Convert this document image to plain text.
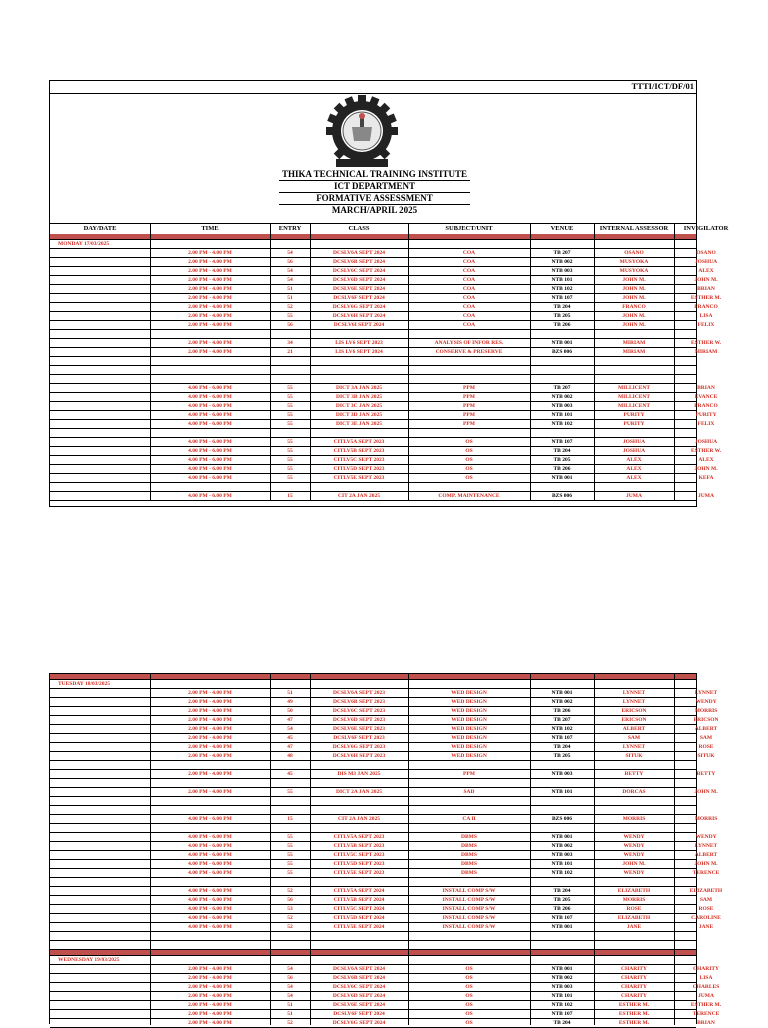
TTTI/ICT/DF/01
THIKA TECHNICAL TRAINING INSTITUTE
ICT DEPARTMENT
FORMATIVE ASSESSMENT
MARCH/APRIL 2025
DAY/DATE	TIME	ENTRY	CLASS	SUBJECT/UNIT	VENUE	INTERNAL ASSESSOR	INVIGILATOR
MONDAY 17/03/2025
2.00 PM - 4.00 PM	54	DCSLV6A SEPT 2024	COA	TB 207	OSANO	OSANO
2.00 PM - 4.00 PM	56	DCSLV6B SEPT 2024	COA	NTB 002	MUSYOKA	JOSHUA
2.00 PM - 4.00 PM	54	DCSLV6C SEPT 2024	COA	NTB 003	MUSYOKA	ALEX
2.00 PM - 4.00 PM	54	DCSLV6D SEPT 2024	COA	NTB 101	JOHN M.	JOHN M.
2.00 PM - 4.00 PM	51	DCSLV6E SEPT 2024	COA	NTB 102	JOHN M.	BRIAN
2.00 PM - 4.00 PM	51	DCSLV6F SEPT 2024	COA	NTB 107	JOHN M.	ESTHER M.
2.00 PM - 4.00 PM	52	DCSLV6G SEPT 2024	COA	TB 204	FRANCO	FRANCO
2.00 PM - 4.00 PM	55	DCSLV6H SEPT 2024	COA	TB 205	JOHN M.	LISA
2.00 PM - 4.00 PM	56	DCSLV6I SEPT 2024	COA	TB 206	JOHN M.	FELIX
2.00 PM - 4.00 PM	34	LIS LV6 SEPT 2023	ANALYSIS OF INFOR RES.	NTB 001	MIRIAM	ESTHER W.
2.00 PM - 4.00 PM	21	LIS LV6 SEPT 2024	CONSERVE & PRESERVE	BZS 006	MIRIAM	MIRIAM
4.00 PM - 6.00 PM	55	DICT 3A JAN 2025	PPM	TB 207	MILLICENT	BRIAN
4.00 PM - 6.00 PM	55	DICT 3B JAN 2025	PPM	NTB 002	MILLICENT	EVANCE
4.00 PM - 6.00 PM	55	DICT 3C JAN 2025	PPM	NTB 003	MILLICENT	FRANCO
4.00 PM - 6.00 PM	55	DICT 3D JAN 2025	PPM	NTB 101	PURITY	PURITY
4.00 PM - 6.00 PM	55	DICT 3E JAN 2025	PPM	NTB 102	PURITY	FELIX
4.00 PM - 6.00 PM	55	CITLV5A SEPT 2023	OS	NTB 107	JOSHUA	JOSHUA
4.00 PM - 6.00 PM	55	CITLV5B SEPT 2023	OS	TB 204	JOSHUA	ESTHER W.
4.00 PM - 6.00 PM	55	CITLV5C SEPT 2023	OS	TB 205	ALEX	ALEX
4.00 PM - 6.00 PM	55	CITLV5D SEPT 2023	OS	TB 206	ALEX	JOHN M.
4.00 PM - 6.00 PM	55	CITLV5E SEPT 2023	OS	NTB 001	ALEX	KEFA
4.00 PM - 6.00 PM	15	CIT 2A JAN 2025	COMP. MAINTENANCE	BZS 006	JUMA	JUMA
TUESDAY 18/03/2025
2.00 PM - 4.00 PM	51	DCSLV6A SEPT 2023	WED DESIGN	NTB 001	LYNNET	LYNNET
2.00 PM - 4.00 PM	49	DCSLV6B SEPT 2023	WED DESIGN	NTB 002	LYNNET	WENDY
2.00 PM - 4.00 PM	50	DCSLV6C SEPT 2023	WED DESIGN	TB 206	ERICSON	MORRIS
2.00 PM - 4.00 PM	47	DCSLV6D SEPT 2023	WED DESIGN	TB 207	ERICSON	ERICSON
2.00 PM - 4.00 PM	54	DCSLV6E SEPT 2023	WED DESIGN	NTB 102	ALBERT	ALBERT
2.00 PM - 4.00 PM	45	DCSLV6F SEPT 2023	WED DESIGN	NTB 107	SAM	SAM
2.00 PM - 4.00 PM	47	DCSLV6G SEPT 2023	WED DESIGN	TB 204	LYNNET	ROSE
2.00 PM - 4.00 PM	48	DCSLV6H SEPT 2023	WED DESIGN	TB 205	SITUK	SITUK
2.00 PM - 4.00 PM	45	DIS M3 JAN 2025	PPM	NTB 003	BETTY	BETTY
2.00 PM - 4.00 PM	55	DICT 2A JAN 2025	SAD	NTB 101	DORCAS	JOHN M.
4.00 PM - 6.00 PM	15	CIT 2A JAN 2025	CA II	BZS 006	MORRIS	MORRIS
4.00 PM - 6.00 PM	55	CITLV5A SEPT 2023	DBMS	NTB 001	WENDY	WENDY
4.00 PM - 6.00 PM	55	CITLV5B SEPT 2023	DBMS	NTB 002	WENDY	LYNNET
4.00 PM - 6.00 PM	55	CITLV5C SEPT 2023	DBMS	NTB 003	WENDY	ALBERT
4.00 PM - 6.00 PM	55	CITLV5D SEPT 2023	DBMS	NTB 101	JOHN M.	JOHN M.
4.00 PM - 6.00 PM	55	CITLV5E SEPT 2023	DBMS	NTB 102	WENDY	TERENCE
4.00 PM - 6.00 PM	52	CITLV5A SEPT 2024	INSTALL COMP S/W	TB 204	ELIZABETH	ELIZABETH
4.00 PM - 6.00 PM	56	CITLV5B SEPT 2024	INSTALL COMP S/W	TB 205	MORRIS	SAM
4.00 PM - 6.00 PM	53	CITLV5C SEPT 2024	INSTALL COMP S/W	TB 206	ROSE	ROSE
4.00 PM - 6.00 PM	52	CITLV5D SEPT 2024	INSTALL COMP S/W	NTB 107	ELIZABETH	CAROLINE
4.00 PM - 6.00 PM	52	CITLV5E SEPT 2024	INSTALL COMP S/W	NTB 001	JANE	JANE
WEDNESDAY 19/03/2025
2.00 PM - 4.00 PM	54	DCSLV6A SEPT 2024	OS	NTB 001	CHARITY	CHARITY
2.00 PM - 4.00 PM	56	DCSLV6B SEPT 2024	OS	NTB 002	CHARITY	LISA
2.00 PM - 4.00 PM	54	DCSLV6C SEPT 2024	OS	NTB 003	CHARITY	CHARLES
2.00 PM - 4.00 PM	54	DCSLV6D SEPT 2024	OS	NTB 101	CHARITY	JUMA
2.00 PM - 4.00 PM	51	DCSLV6E SEPT 2024	OS	NTB 102	ESTHER M.	ESTHER M.
2.00 PM - 4.00 PM	51	DCSLV6F SEPT 2024	OS	NTB 107	ESTHER M.	TERENCE
2.00 PM - 4.00 PM	52	DCSLV6G SEPT 2024	OS	TB 204	ESTHER M.	BRIAN
